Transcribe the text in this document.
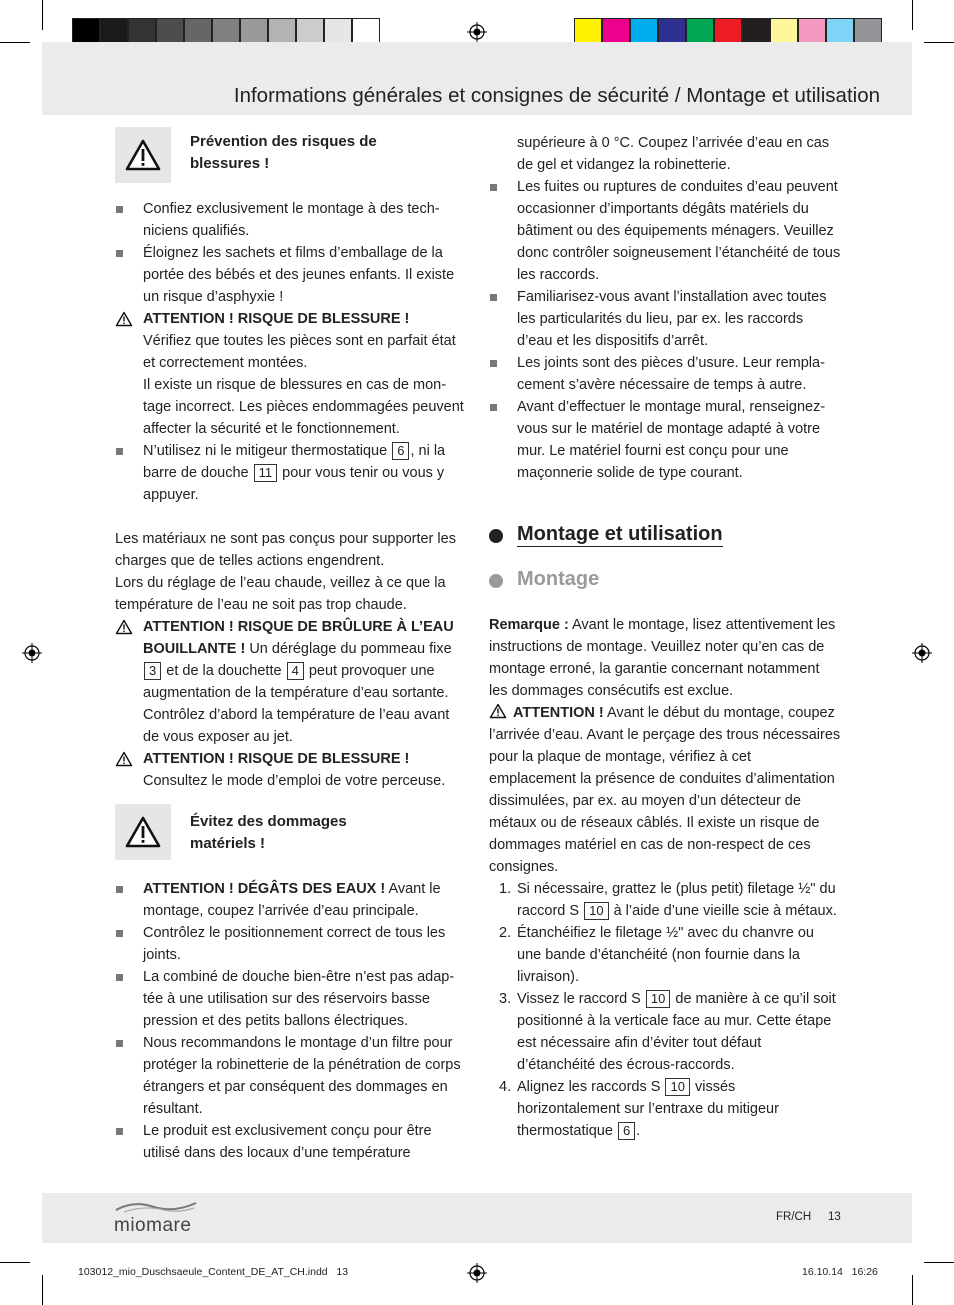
Informations générales et consignes de sécurité / Montage et utilisation
Prévention des risques de blessures !

Confiez exclusivement le montage à des techniciens qualifiés.

Éloignez les sachets et films d’emballage de la portée des bébés et des jeunes enfants. Il existe un risque d’asphyxie !

ATTENTION ! RISQUE DE BLESSURE !

Vérifiez que toutes les pièces sont en parfait état et correctement montées.

Il existe un risque de blessures en cas de montage incorrect. Les pièces endommagées peuvent affecter la sécurité et le fonctionnement.

N’utilisez ni le mitigeur thermostatique 6 , ni la barre de douche 11 pour vous tenir ou vous y appuyer.

Les matériaux ne sont pas conçus pour supporter les charges que de telles actions engendrent.

Lors du réglage de l’eau chaude, veillez à ce que la température de l’eau ne soit pas trop chaude.

ATTENTION ! RISQUE DE BRÛLURE À L’EAU BOUILLANTE ! Un déréglage du pommeau fixe 3 et de la douchette 4 peut provoquer une augmentation de la température d’eau sortante. Contrôlez d’abord la température de l’eau avant de vous exposer au jet.

ATTENTION ! RISQUE DE BLESSURE !

Consultez le mode d’emploi de votre perceuse.

Évitez des dommages matériels !

ATTENTION ! DÉGÂTS DES EAUX ! Avant le montage, coupez l’arrivée d’eau principale.

Contrôlez le positionnement correct de tous les joints.

La combiné de douche bien-être n’est pas adaptée à une utilisation sur des réservoirs basse pression et des petits ballons électriques.

Nous recommandons le montage d’un filtre pour protéger la robinetterie de la pénétration de corps étrangers et par conséquent des dommages en résultant.

Le produit est exclusivement conçu pour être utilisé dans des locaux d’une température

supérieure à 0 °C. Coupez l’arrivée d’eau en cas de gel et vidangez la robinetterie.

Les fuites ou ruptures de conduites d’eau peuvent occasionner d’importants dégâts matériels du bâtiment ou des équipements ménagers. Veuillez donc contrôler soigneusement l’étanchéité de tous les raccords.

Familiarisez-vous avant l’installation avec toutes les particularités du lieu, par ex. les raccords d’eau et les dispositifs d’arrêt.

Les joints sont des pièces d’usure. Leur remplacement s’avère nécessaire de temps à autre.

Avant d’effectuer le montage mural, renseignez-vous sur le matériel de montage adapté à votre mur. Le matériel fourni est conçu pour une maçonnerie solide de type courant.

Montage et utilisation
Montage

Remarque : Avant le montage, lisez attentivement les instructions de montage. Veuillez noter qu’en cas de montage erroné, la garantie concernant notamment les dommages consécutifs est exclue.

ATTENTION ! Avant le début du montage, coupez l’arrivée d’eau. Avant le perçage des trous nécessaires pour la plaque de montage, vérifiez à cet emplacement la présence de conduites d’alimentation dissimulées, par ex. au moyen d’un détecteur de métaux ou de réseaux câblés. Il existe un risque de dommages matériel en cas de non-respect de ces consignes.

1. Si nécessaire, grattez le (plus petit) filetage ½" du raccord S 10 à l’aide d’une vieille scie à métaux.

2. Étanchéifiez le filetage ½" avec du chanvre ou une bande d’étanchéité (non fournie dans la livraison).

3. Vissez le raccord S 10 de manière à ce qu’il soit positionné à la verticale face au mur. Cette étape est nécessaire afin d’éviter tout défaut d’étanchéité des écrous-raccords.

4. Alignez les raccords S 10 vissés horizontalement sur l’entraxe du mitigeur thermostatique 6 .

miomare	FR/CH 13
103012_mio_Duschsaeule_Content_DE_AT_CH.indd   13	16.10.14   16:26
